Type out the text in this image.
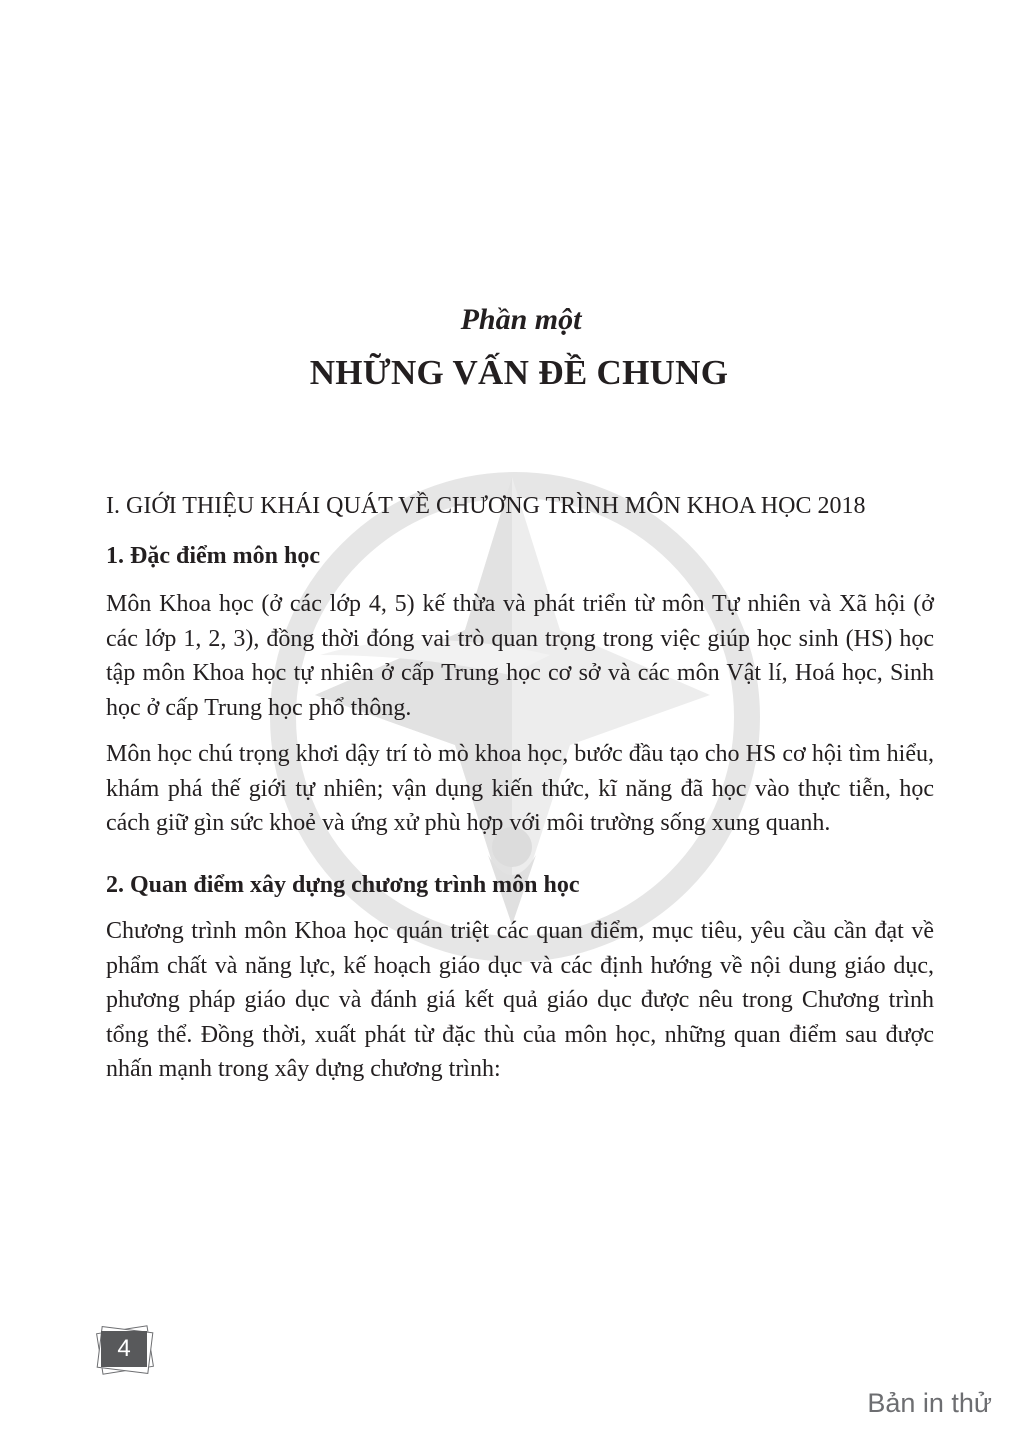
Phần một
NHỮNG VẤN ĐỀ CHUNG
I. GIỚI THIỆU KHÁI QUÁT VỀ CHƯƠNG TRÌNH MÔN KHOA HỌC 2018
1. Đặc điểm môn học

Môn Khoa học (ở các lớp 4, 5) kế thừa và phát triển từ môn Tự nhiên và Xã hội (ở các lớp 1, 2, 3), đồng thời đóng vai trò quan trọng trong việc giúp học sinh (HS) học tập môn Khoa học tự nhiên ở cấp Trung học cơ sở và các môn Vật lí, Hoá học, Sinh học ở cấp Trung học phổ thông.

Môn học chú trọng khơi dậy trí tò mò khoa học, bước đầu tạo cho HS cơ hội tìm hiểu, khám phá thế giới tự nhiên; vận dụng kiến thức, kĩ năng đã học vào thực tiễn, học cách giữ gìn sức khoẻ và ứng xử phù hợp với môi trường sống xung quanh.

2. Quan điểm xây dựng chương trình môn học

Chương trình môn Khoa học quán triệt các quan điểm, mục tiêu, yêu cầu cần đạt về phẩm chất và năng lực, kế hoạch giáo dục và các định hướng về nội dung giáo dục, phương pháp giáo dục và đánh giá kết quả giáo dục được nêu trong Chương trình tổng thể. Đồng thời, xuất phát từ đặc thù của môn học, những quan điểm sau được nhấn mạnh trong xây dựng chương trình:

4
Bản in thử
